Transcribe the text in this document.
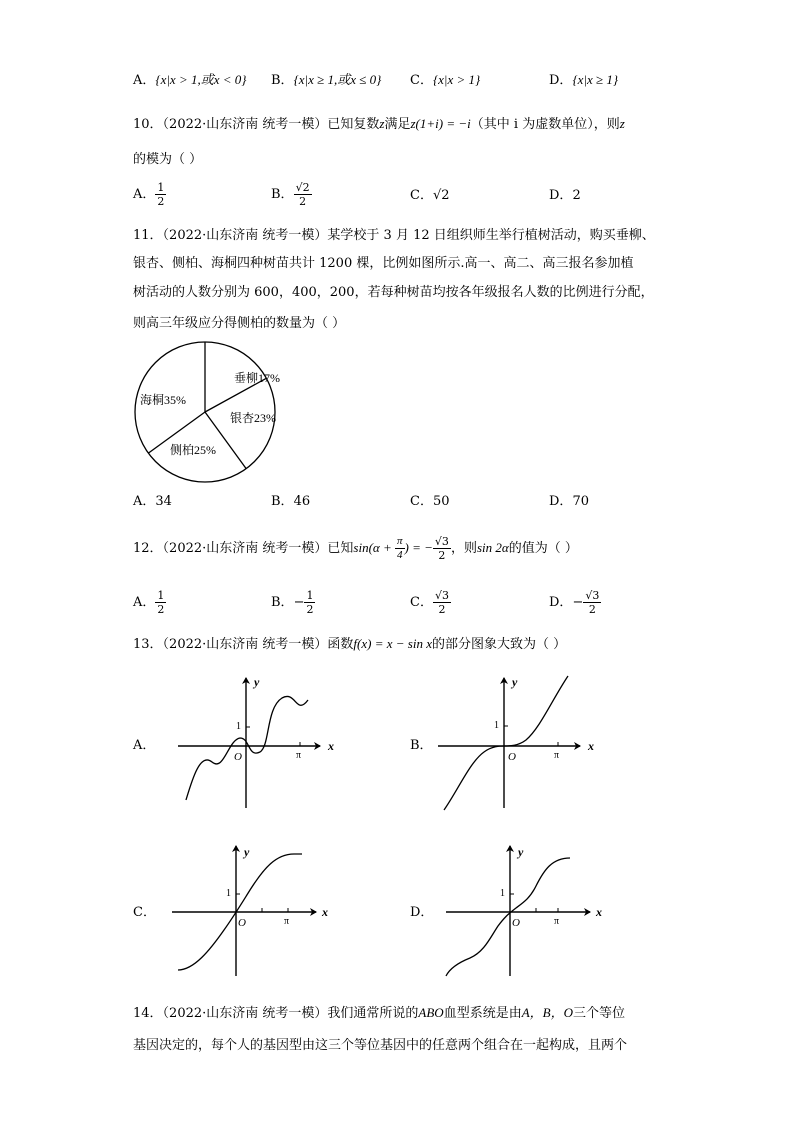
A．{x|x > 1,或x < 0} B．{x|x ≥ 1,或x ≤ 0} C．{x|x > 1}	D．{x|x ≥ 1}
10．（2022·山东济南 统考一模）已知复数z满足z(1+i) = −i（其中 i 为虚数单位），则z
的模为（ ）
A． $\frac{1}{2}$	B． $\frac{√2}{2}$	C．√2	D．2
11．（2022·山东济南 统考一模）某学校于 3 月 12 日组织师生举行植树活动，购买垂柳、
银杏、侧柏、海桐四种树苗共计 1200 棵，比例如图所示.高一、高二、高三报名参加植
树活动的人数分别为 600，400，200，若每种树苗均按各年级报名人数的比例进行分配，
则高三年级应分得侧柏的数量为（ ）
垂柳17%
银杏23%
侧柏25%
海桐35%
A．34	B．46	C．50	D．70
12．（2022·山东济南 统考一模）已知$\sin(\alpha + \frac{\pi}{4}$ ) = − $\frac{√3}{2}$ ，则sin 2α的值为（ ）
A． $\frac{1}{2}$	B．− $\frac{1}{2}$	C． $\frac{√3}{2}$	D．− $\frac{√3}{2}$
13．（2022·山东济南 统考一模）函数f(x) = x − sin x的部分图象大致为（ ）
A．	B．
C．	D．
y
x
1
O	π
y
x
1
O	π
y
x
1
O	π
y
x
1
O	π
14．（2022·山东济南 统考一模）我们通常所说的ABO血型系统是由A，B，O三个等位
基因决定的，每个人的基因型由这三个等位基因中的任意两个组合在一起构成，且两个
